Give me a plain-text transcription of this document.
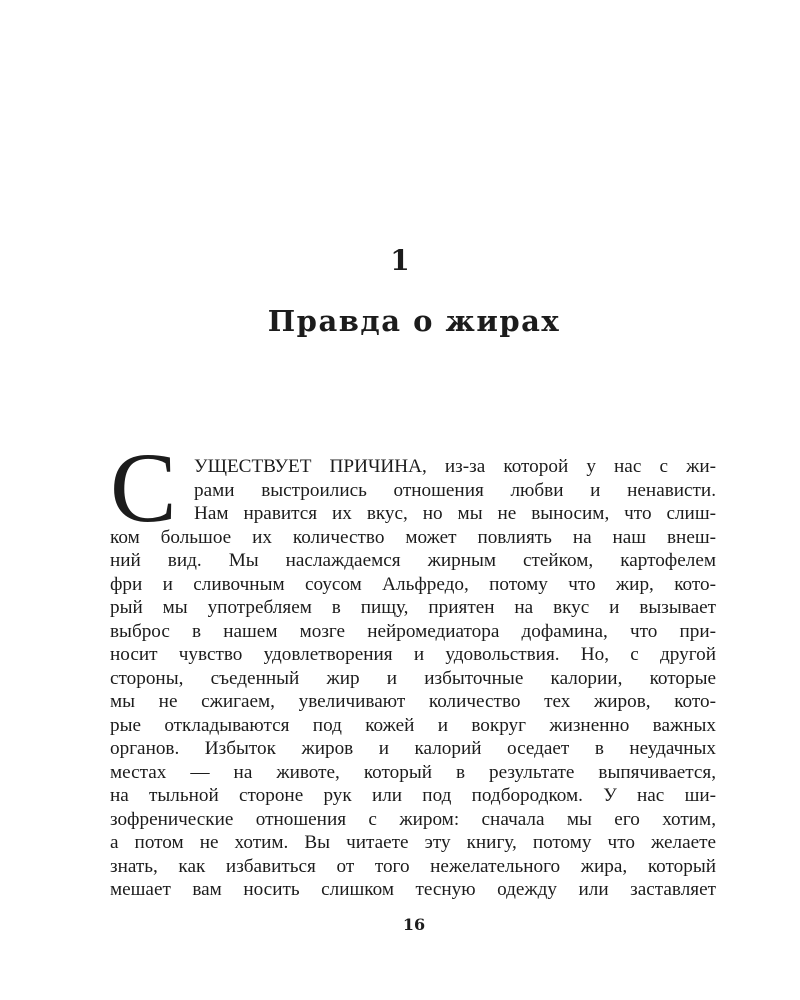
1
Правда о жирах
С УЩЕСТВУЕТ ПРИЧИНА, из-за которой у нас с жи-
рами выстроились отношения любви и ненависти.
Нам нравится их вкус, но мы не выносим, что слиш-
ком большое их количество может повлиять на наш внеш-
ний вид. Мы наслаждаемся жирным стейком, картофелем
фри и сливочным соусом Альфредо, потому что жир, кото-
рый мы употребляем в пищу, приятен на вкус и вызывает
выброс в нашем мозге нейромедиатора дофамина, что при-
носит чувство удовлетворения и удовольствия. Но, с другой
стороны, съеденный жир и избыточные калории, которые
мы не сжигаем, увеличивают количество тех жиров, кото-
рые откладываются под кожей и вокруг жизненно важных
органов. Избыток жиров и калорий оседает в неудачных
местах — на животе, который в результате выпячивается,
на тыльной стороне рук или под подбородком. У нас ши-
зофренические отношения с жиром: сначала мы его хотим,
а потом не хотим. Вы читаете эту книгу, потому что желаете
знать, как избавиться от того нежелательного жира, который
мешает вам носить слишком тесную одежду или заставляет
16
